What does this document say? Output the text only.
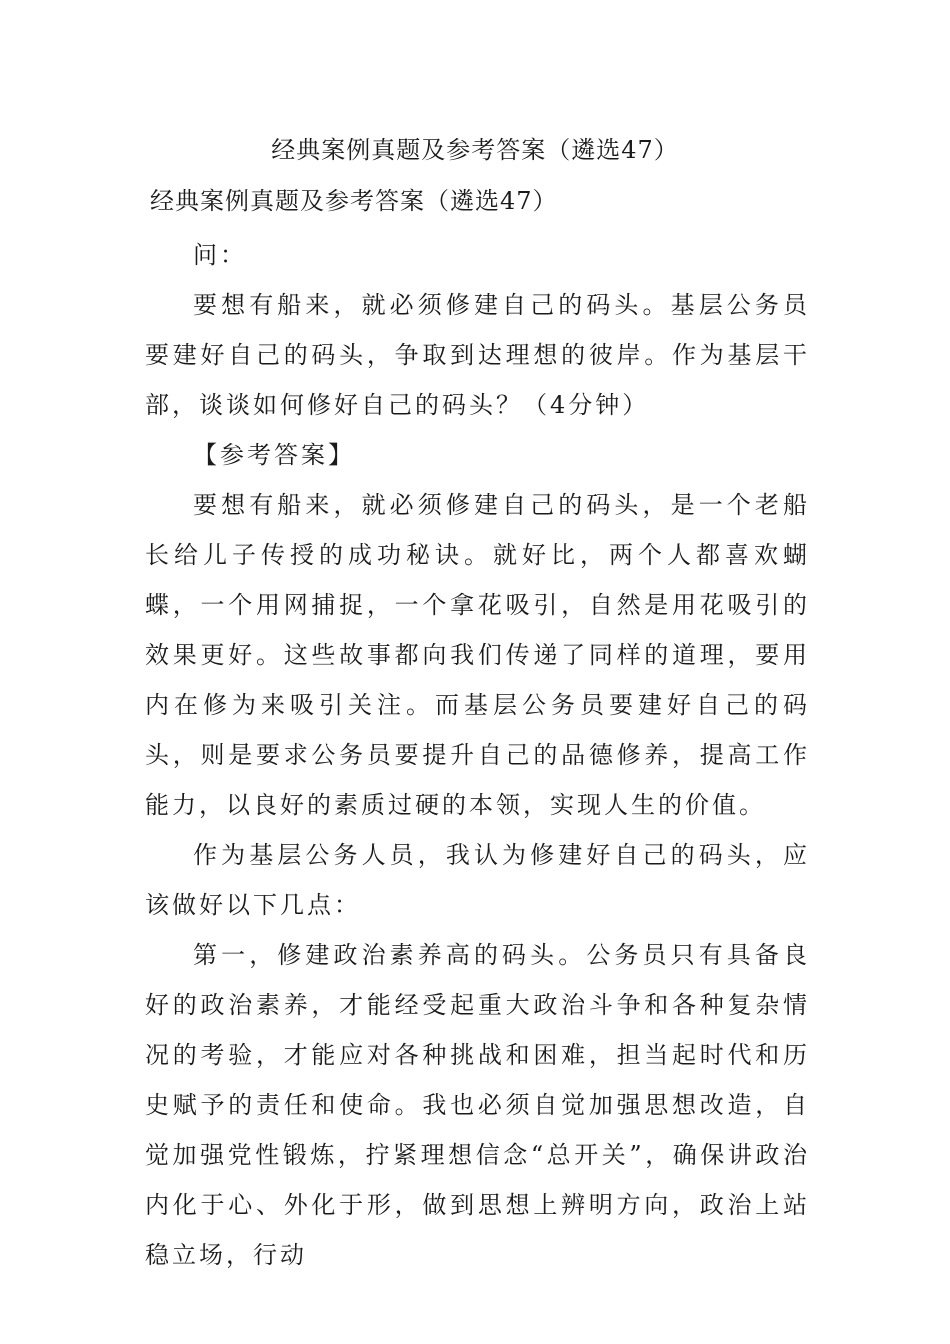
经典案例真题及参考答案（遴选47）
经典案例真题及参考答案（遴选47）

问：

要想有船来，就必须修建自己的码头。基层公务员要建好自己的码头，争取到达理想的彼岸。作为基层干部，谈谈如何修好自己的码头？（4分钟）

【参考答案】

要想有船来，就必须修建自己的码头，是一个老船长给儿子传授的成功秘诀。就好比，两个人都喜欢蝴蝶，一个用网捕捉，一个拿花吸引，自然是用花吸引的效果更好。这些故事都向我们传递了同样的道理，要用内在修为来吸引关注。而基层公务员要建好自己的码头，则是要求公务员要提升自己的品德修养，提高工作能力，以良好的素质过硬的本领，实现人生的价值。

作为基层公务人员，我认为修建好自己的码头，应该做好以下几点：

第一，修建政治素养高的码头。公务员只有具备良好的政治素养，才能经受起重大政治斗争和各种复杂情况的考验，才能应对各种挑战和困难，担当起时代和历史赋予的责任和使命。我也必须自觉加强思想改造，自觉加强党性锻炼，拧紧理想信念“总开关”，确保讲政治内化于心、外化于形，做到思想上辨明方向，政治上站稳立场，行动
